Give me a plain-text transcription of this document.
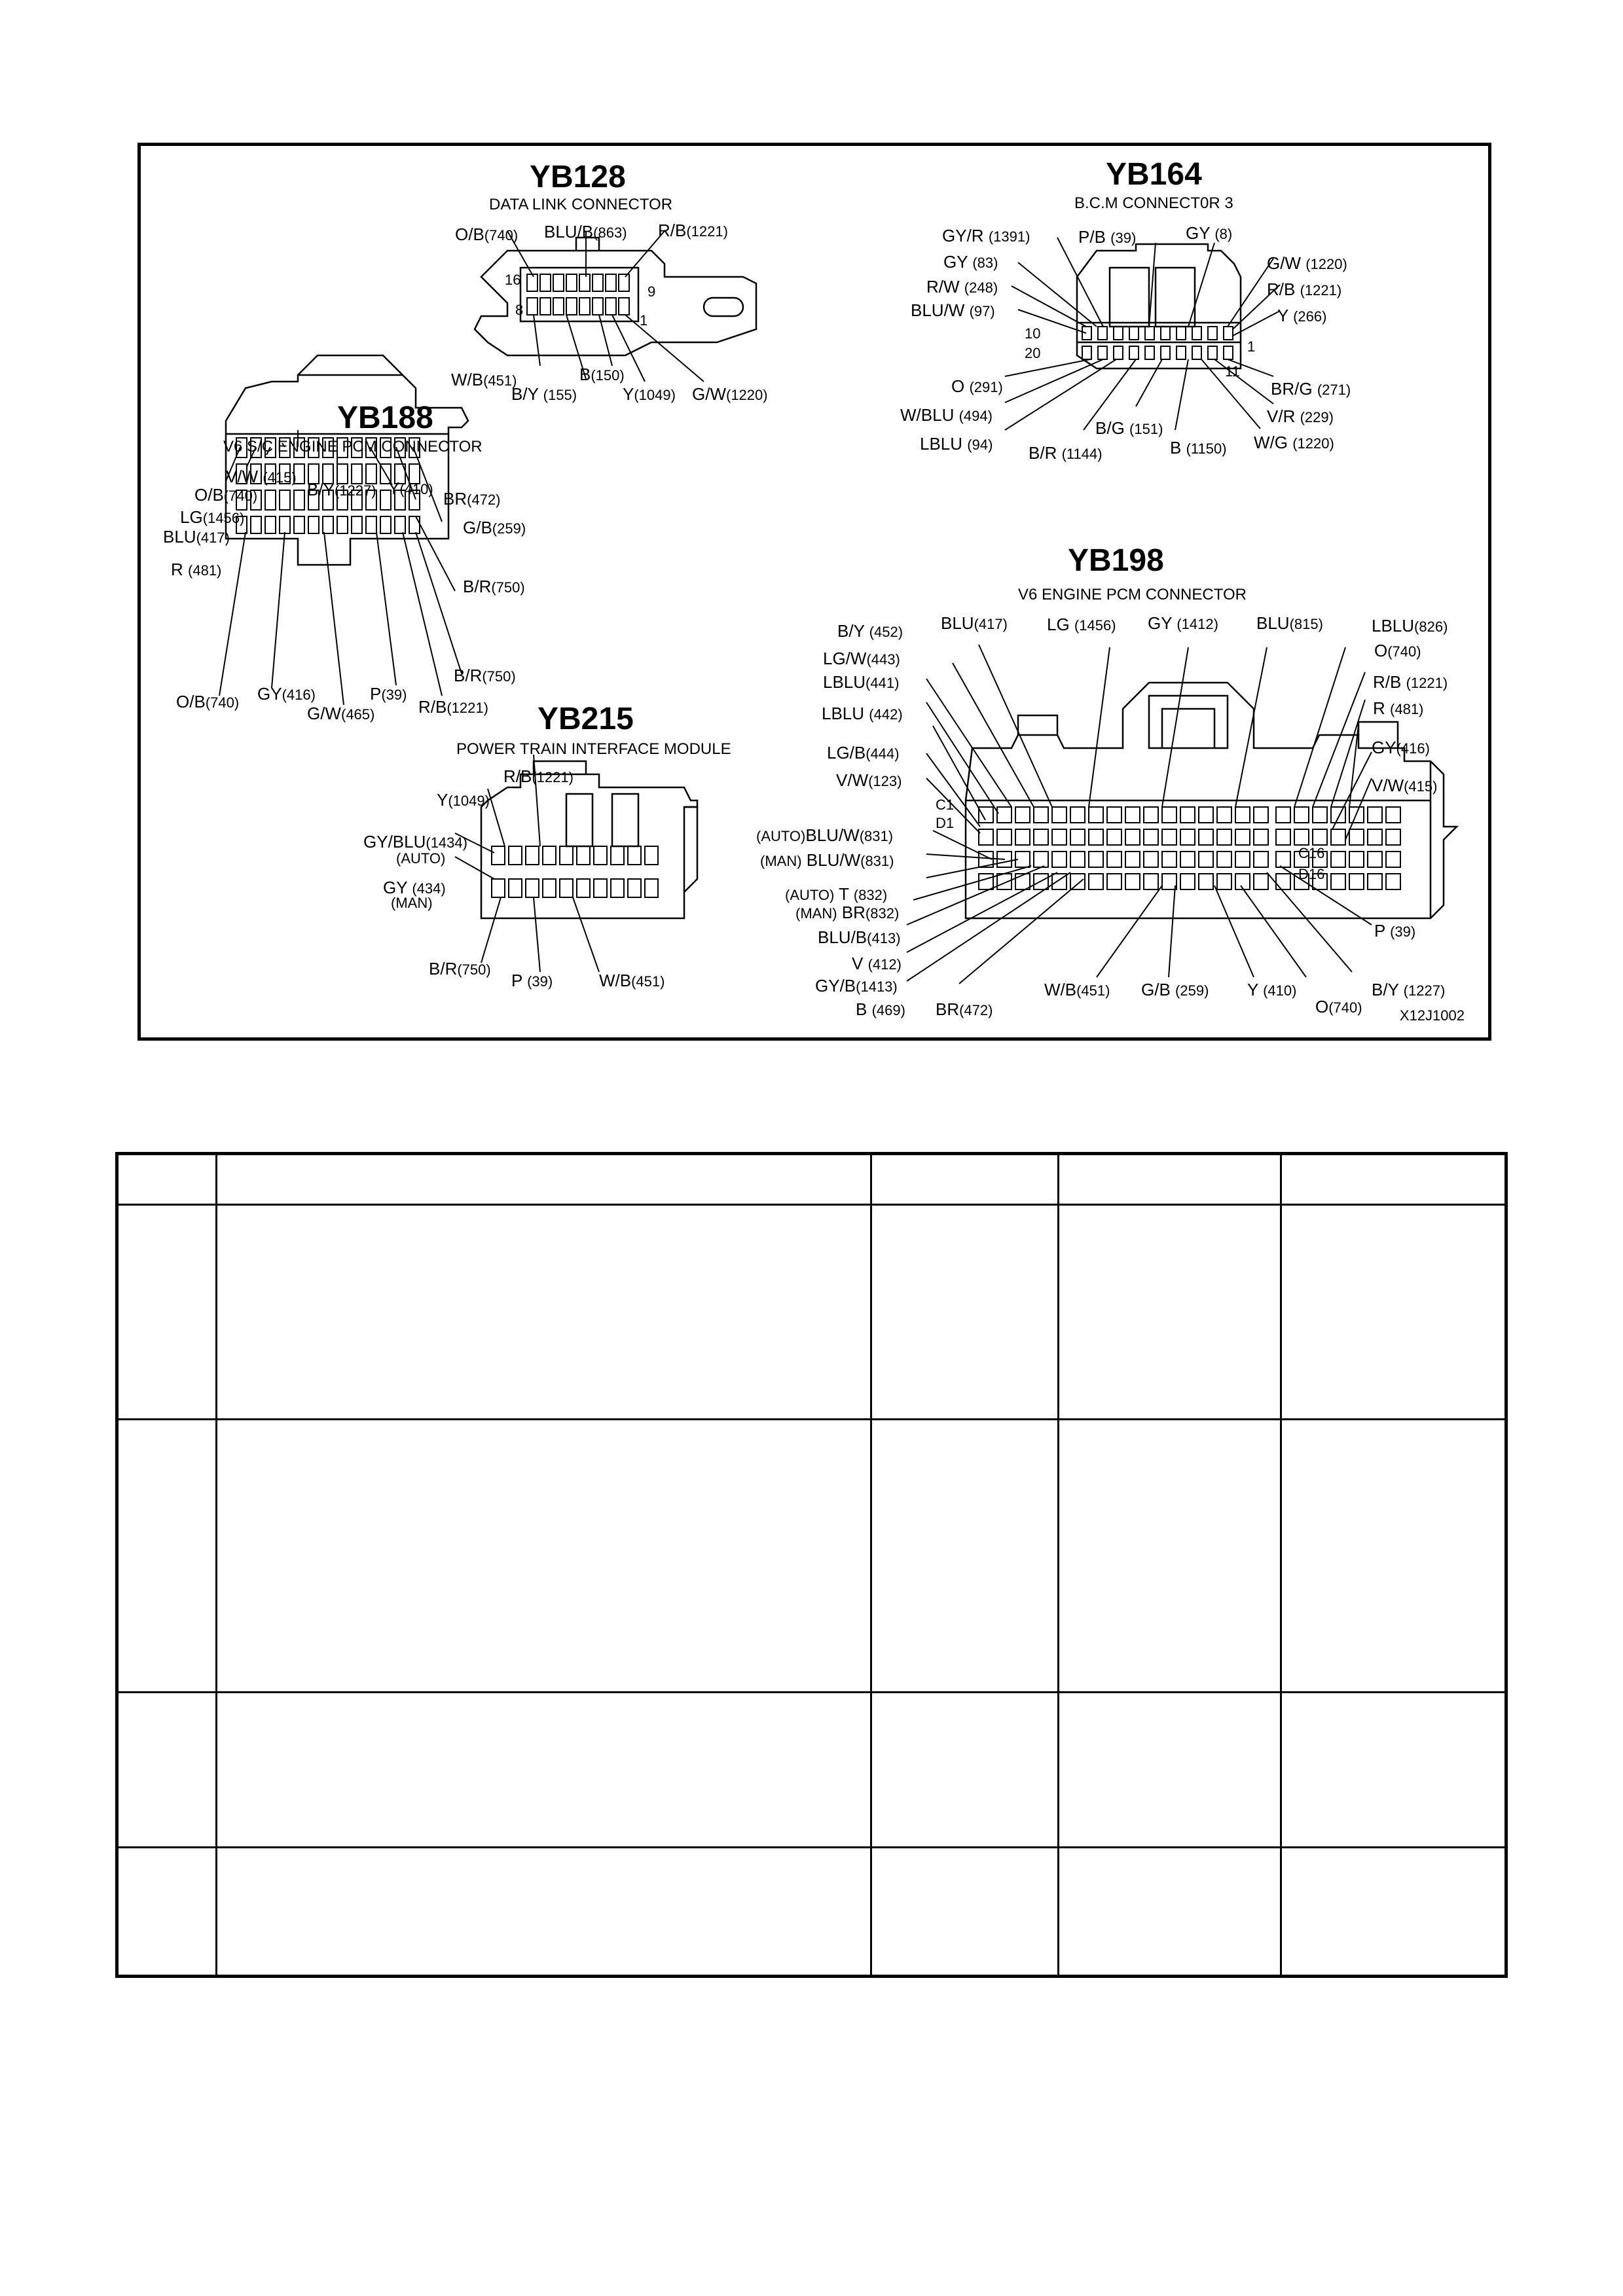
YB128
DATA LINK CONNECTOR
16
9
8
1
O/B(740) BLU/B(863) R/B(1221)
W/B(451)
B/Y (155)
B(150)
Y(1049) G/W(1220)
YB164
B.C.M CONNECT0R 3
10
20	1
11
GY/R (1391)	P/B (39)	GY (8)
GY (83)
R/W (248)
BLU/W (97)
G/W (1220)
R/B (1221)
Y (266)
O (291)
W/BLU (494)
LBLU (94) B/R (1144)
B/G (151)
B (1150)
BR/G (271)
V/R (229)
W/G (1220)
YB188
V6 S/C ENGINE PCM CONNECTOR
V/W (415)
O/B(740)
LG(1456)
BLU(417)
B/Y(1227) Y(410) BR(472)
G/B(259)
R (481)
B/R(750)
B/R(750)
O/B(740) GY(416)
G/W(465)
P(39)
R/B(1221) YB215
POWER TRAIN INTERFACE MODULE
R/B(1221)
Y(1049)
GY/BLU(1434)
(AUTO)
GY (434)
(MAN)
B/R(750)
P (39)	W/B(451)
YB198
V6 ENGINE PCM CONNECTOR
C1
D1
C16
D16
B/Y (452) BLU(417) LG (1456) GY (1412) BLU(815)	LBLU(826)
O(740)
LG/W(443)
LBLU(441)	R/B (1221)
R (481)
LBLU (442)
GY(416)
LG/B(444)
V/W(123)	V/W(415)
(AUTO)BLU/W(831)
(MAN) BLU/W(831)
(AUTO) T (832)
(MAN) BR(832)
BLU/B(413)
V (412)
GY/B(1413)
B (469) BR(472)
W/B(451) G/B (259) Y (410)
O(740)
B/Y (1227)
P (39)
X12J1002
